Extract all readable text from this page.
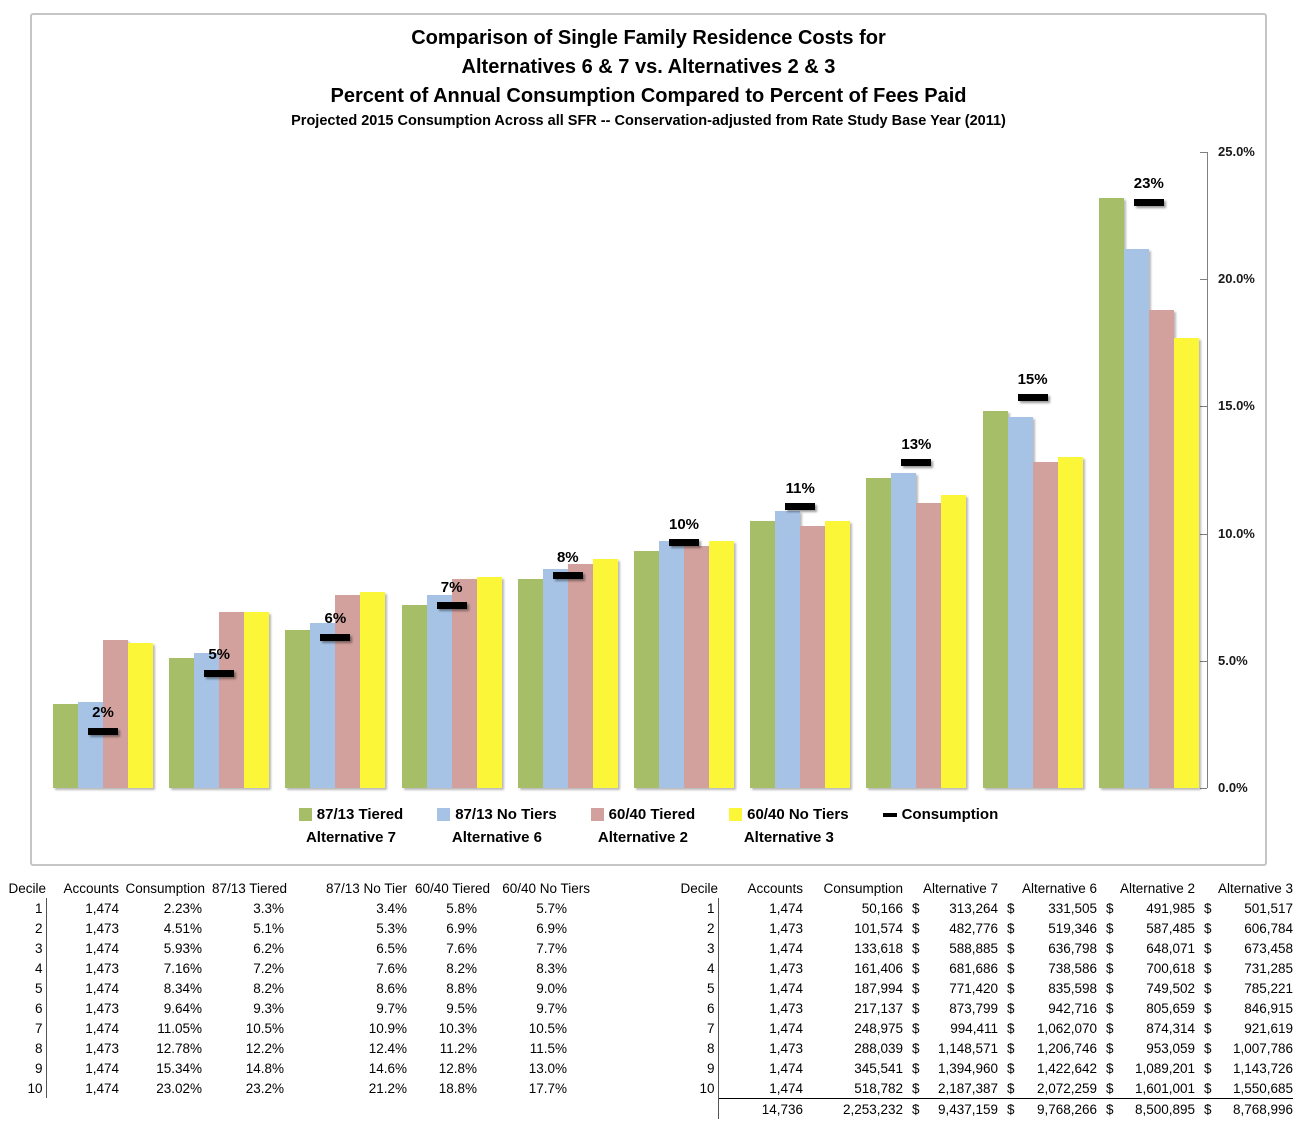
Comparison of Single Family Residence Costs for
Alternatives 6 & 7 vs. Alternatives 2 & 3
Percent of Annual Consumption Compared to Percent of Fees Paid
Projected 2015 Consumption Across all SFR -- Conservation-adjusted from Rate Study Base Year (2011)
0.0%
5.0%
10.0%
15.0%
20.0%
25.0%
2%
5%
6%
7%
8%
10%
11%
13%
15%
23%
87/13 Tiered
Alternative 7
87/13 No Tiers
Alternative 6
60/40 Tiered
Alternative 2
60/40 No Tiers
Alternative 3
Consumption
Decile	Accounts	Consumption	87/13 Tiered	87/13 No Tier	60/40 Tiered	60/40 No Tiers
1	1,474	2.23%	3.3%	3.4%	5.8%	5.7%
2	1,473	4.51%	5.1%	5.3%	6.9%	6.9%
3	1,474	5.93%	6.2%	6.5%	7.6%	7.7%
4	1,473	7.16%	7.2%	7.6%	8.2%	8.3%
5	1,474	8.34%	8.2%	8.6%	8.8%	9.0%
6	1,473	9.64%	9.3%	9.7%	9.5%	9.7%
7	1,474	11.05%	10.5%	10.9%	10.3%	10.5%
8	1,473	12.78%	12.2%	12.4%	11.2%	11.5%
9	1,474	15.34%	14.8%	14.6%	12.8%	13.0%
10	1,474	23.02%	23.2%	21.2%	18.8%	17.7%
Decile	Accounts	Consumption	Alternative 7	Alternative 6	Alternative 2	Alternative 3
1	1,474	50,166	$ 313,264	$ 331,505	$ 491,985	$ 501,517

2	1,473	101,574	$ 482,776	$ 519,346	$ 587,485	$ 606,784

3	1,474	133,618	$ 588,885	$ 636,798	$ 648,071	$ 673,458

4	1,473	161,406	$ 681,686	$ 738,586	$ 700,618	$ 731,285

5	1,474	187,994	$ 771,420	$ 835,598	$ 749,502	$ 785,221

6	1,473	217,137	$ 873,799	$ 942,716	$ 805,659	$ 846,915

7	1,474	248,975	$ 994,411	$ 1,062,070	$ 874,314	$ 921,619

8	1,473	288,039	$ 1,148,571	$ 1,206,746	$ 953,059	$ 1,007,786

9	1,474	345,541	$ 1,394,960	$ 1,422,642	$ 1,089,201	$ 1,143,726

10	1,474	518,782	$ 2,187,387	$ 2,072,259	$ 1,601,001	$ 1,550,685

	14,736	2,253,232	$ 9,437,159	$ 9,768,266	$ 8,500,895	$ 8,768,996
